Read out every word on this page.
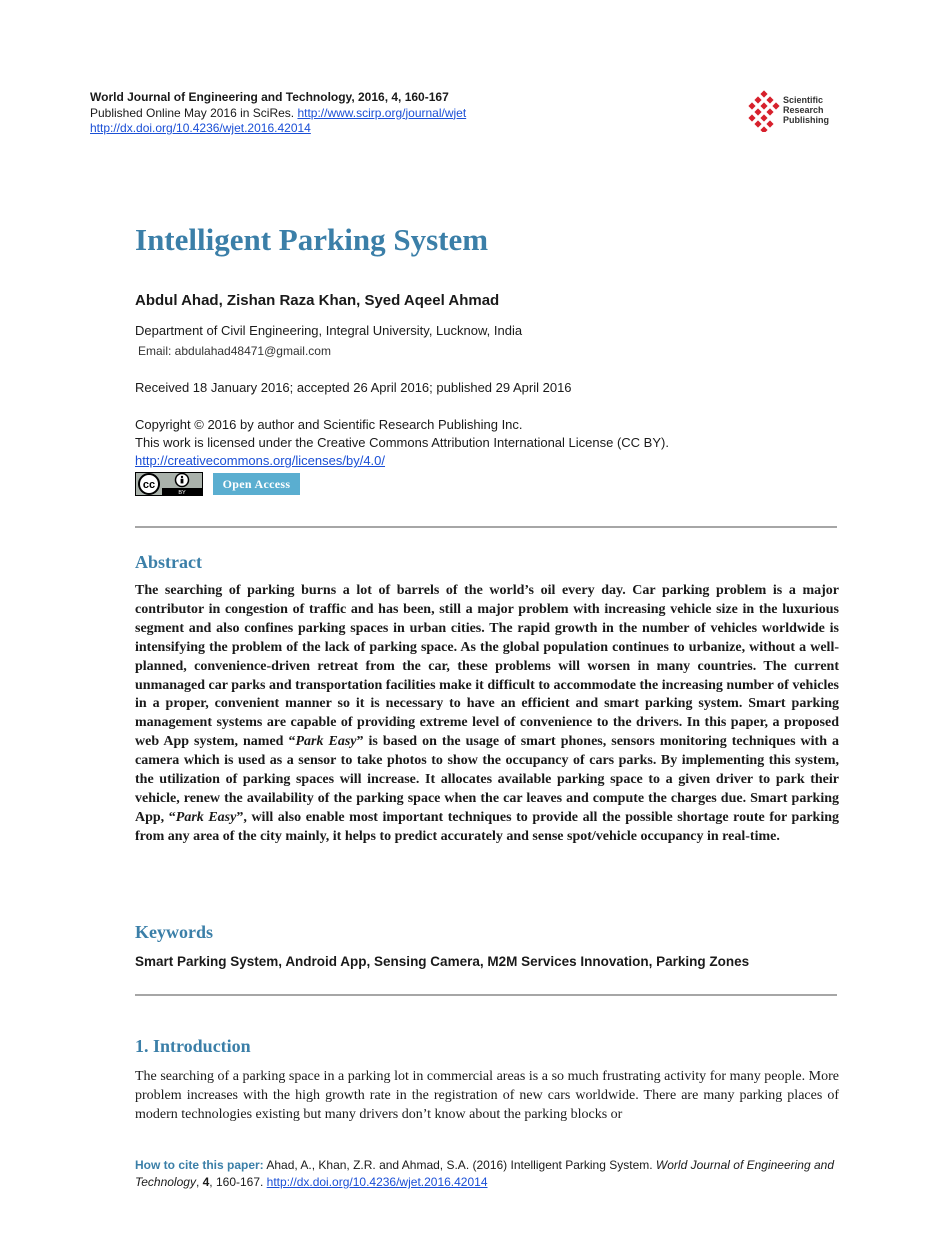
World Journal of Engineering and Technology, 2016, 4, 160-167
Published Online May 2016 in SciRes. http://www.scirp.org/journal/wjet
http://dx.doi.org/10.4236/wjet.2016.42014
Scientific
Research
Publishing
Intelligent Parking System
Abdul Ahad, Zishan Raza Khan, Syed Aqeel Ahmad
Department of Civil Engineering, Integral University, Lucknow, India
Email: abdulahad48471@gmail.com
Received 18 January 2016; accepted 26 April 2016; published 29 April 2016
Copyright © 2016 by author and Scientific Research Publishing Inc.
This work is licensed under the Creative Commons Attribution International License (CC BY).
http://creativecommons.org/licenses/by/4.0/
cc
BY
Open Access
Abstract

The searching of parking burns a lot of barrels of the world’s oil every day. Car parking problem is a major contributor in congestion of traffic and has been, still a major problem with increasing vehicle size in the luxurious segment and also confines parking spaces in urban cities. The rapid growth in the number of vehicles worldwide is intensifying the problem of the lack of parking space. As the global population continues to urbanize, without a well-planned, convenience-driven retreat from the car, these problems will worsen in many countries. The current unmanaged car parks and transportation facilities make it difficult to accommodate the increasing number of vehicles in a proper, convenient manner so it is necessary to have an efficient and smart parking system. Smart parking management systems are capable of providing extreme level of convenience to the drivers. In this paper, a proposed web App system, named “Park Easy” is based on the usage of smart phones, sensors monitoring techniques with a camera which is used as a sensor to take photos to show the occupancy of cars parks. By implementing this system, the utilization of parking spaces will increase. It allocates available parking space to a given driver to park their vehicle, renew the availability of the parking space when the car leaves and compute the charges due. Smart parking App, “Park Easy”, will also enable most important techniques to provide all the possible shortage route for parking from any area of the city mainly, it helps to predict accurately and sense spot/vehicle occupancy in real-time.

Keywords
Smart Parking System, Android App, Sensing Camera, M2M Services Innovation, Parking Zones
1. Introduction

The searching of a parking space in a parking lot in commercial areas is a so much frustrating activity for many people. More problem increases with the high growth rate in the registration of new cars worldwide. There are many parking places of modern technologies existing but many drivers don’t know about the parking blocks or

How to cite this paper: Ahad, A., Khan, Z.R. and Ahmad, S.A. (2016) Intelligent Parking System. World Journal of Engineering and Technology, 4, 160-167. http://dx.doi.org/10.4236/wjet.2016.42014
